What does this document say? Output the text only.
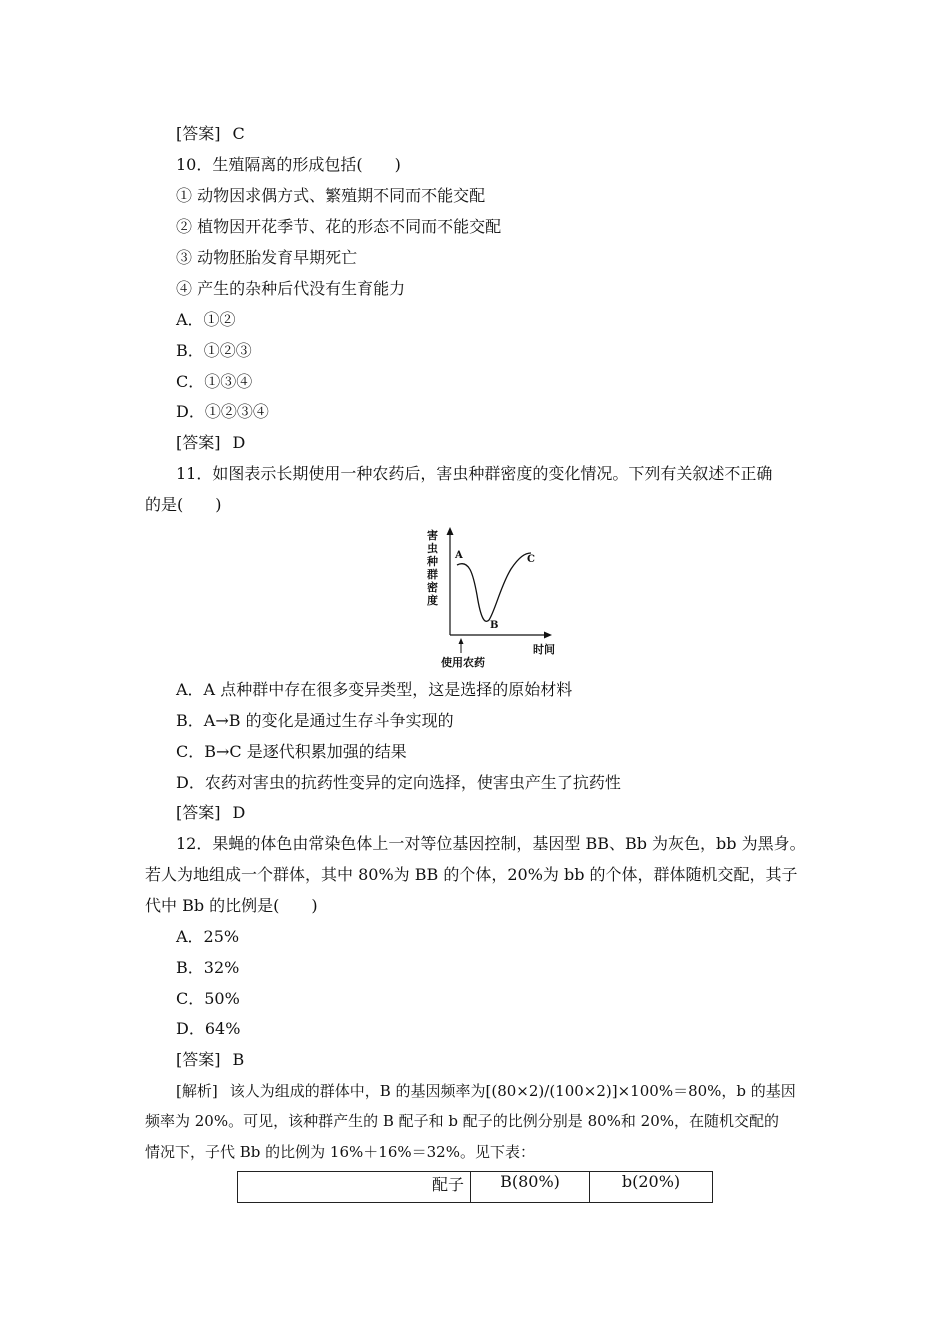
[答案] C
10．生殖隔离的形成包括(　　)
① 动物因求偶方式、繁殖期不同而不能交配
② 植物因开花季节、花的形态不同而不能交配
③ 动物胚胎发育早期死亡
④ 产生的杂种后代没有生育能力
A．①②
B．①②③
C．①③④
D．①②③④
[答案] D
11．如图表示长期使用一种农药后，害虫种群密度的变化情况。下列有关叙述不正确
的是(　　)
害
虫
种
群
密
度
A
B
C
使用农药
时间
A．A 点种群中存在很多变异类型，这是选择的原始材料
B．A→B 的变化是通过生存斗争实现的
C．B→C 是逐代积累加强的结果
D．农药对害虫的抗药性变异的定向选择，使害虫产生了抗药性
[答案] D
12．果蝇的体色由常染色体上一对等位基因控制，基因型 BB、Bb 为灰色，bb 为黑身。
若人为地组成一个群体，其中 80%为 BB 的个体，20%为 bb 的个体，群体随机交配，其子
代中 Bb 的比例是(　　)
A．25%
B．32%
C．50%
D．64%
[答案] B
[解析] 该人为组成的群体中，B 的基因频率为[(80×2)/(100×2)]×100%＝80%，b 的基因
频率为 20%。可见，该种群产生的 B 配子和 b 配子的比例分别是 80%和 20%，在随机交配的
情况下，子代 Bb 的比例为 16%＋16%＝32%。见下表：
配子	B(80%)	b(20%)
